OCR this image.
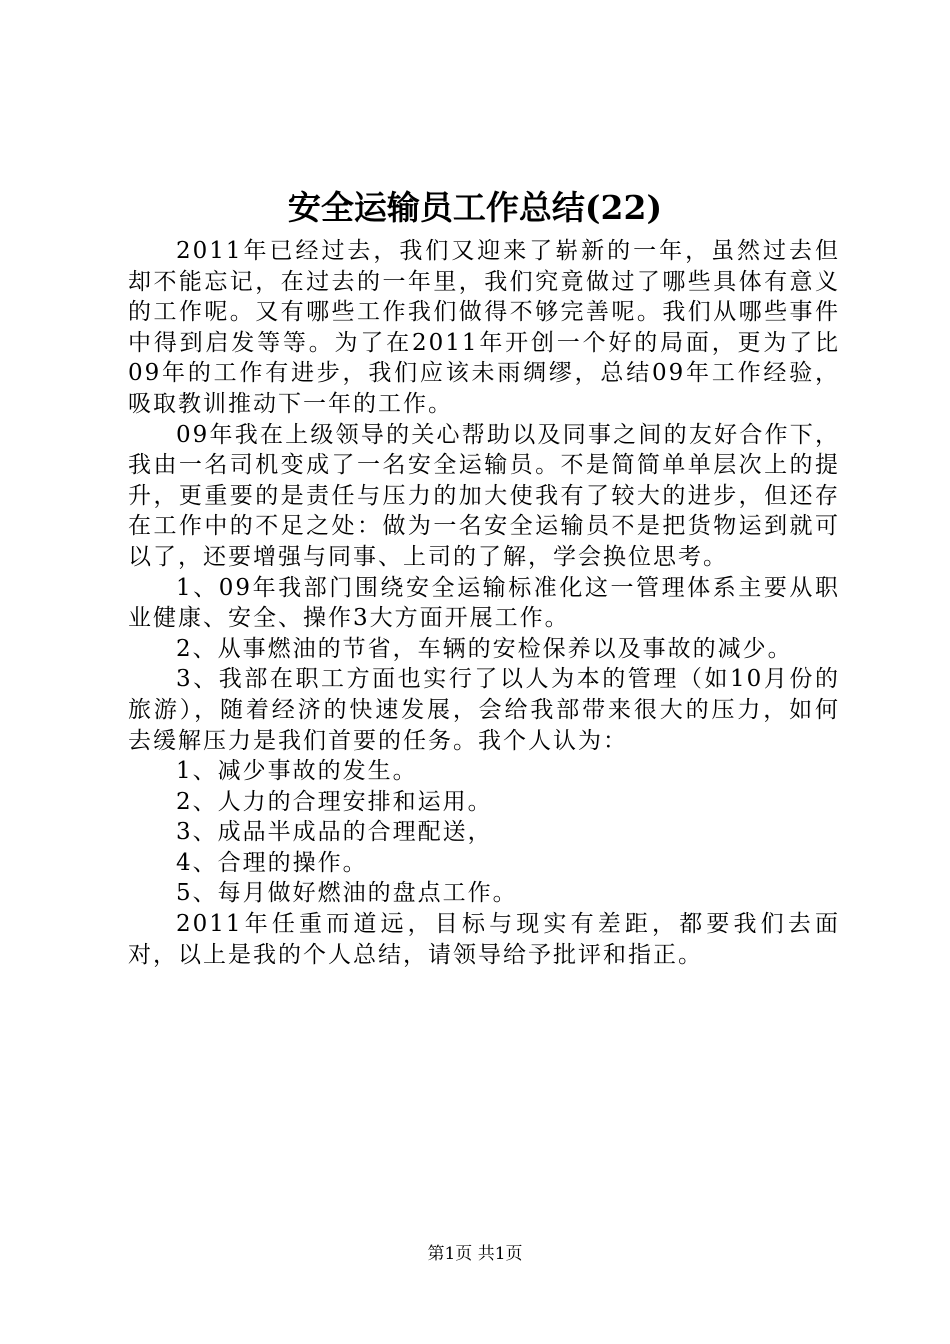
安全运输员工作总结(22)

2011年已经过去，我们又迎来了崭新的一年，虽然过去但却不能忘记，在过去的一年里，我们究竟做过了哪些具体有意义的工作呢。又有哪些工作我们做得不够完善呢。我们从哪些事件中得到启发等等。为了在2011年开创一个好的局面，更为了比09年的工作有进步，我们应该未雨绸缪，总结09年工作经验，吸取教训推动下一年的工作。

09年我在上级领导的关心帮助以及同事之间的友好合作下，我由一名司机变成了一名安全运输员。不是简简单单层次上的提升，更重要的是责任与压力的加大使我有了较大的进步，但还存在工作中的不足之处：做为一名安全运输员不是把货物运到就可以了，还要增强与同事、上司的了解，学会换位思考。

1、09年我部门围绕安全运输标准化这一管理体系主要从职业健康、安全、操作3大方面开展工作。

2、从事燃油的节省，车辆的安检保养以及事故的减少。

3、我部在职工方面也实行了以人为本的管理（如10月份的旅游），随着经济的快速发展，会给我部带来很大的压力，如何去缓解压力是我们首要的任务。我个人认为：

1、减少事故的发生。

2、人力的合理安排和运用。

3、成品半成品的合理配送，

4、合理的操作。

5、每月做好燃油的盘点工作。

2011年任重而道远，目标与现实有差距，都要我们去面对，以上是我的个人总结，请领导给予批评和指正。

第1页 共1页
